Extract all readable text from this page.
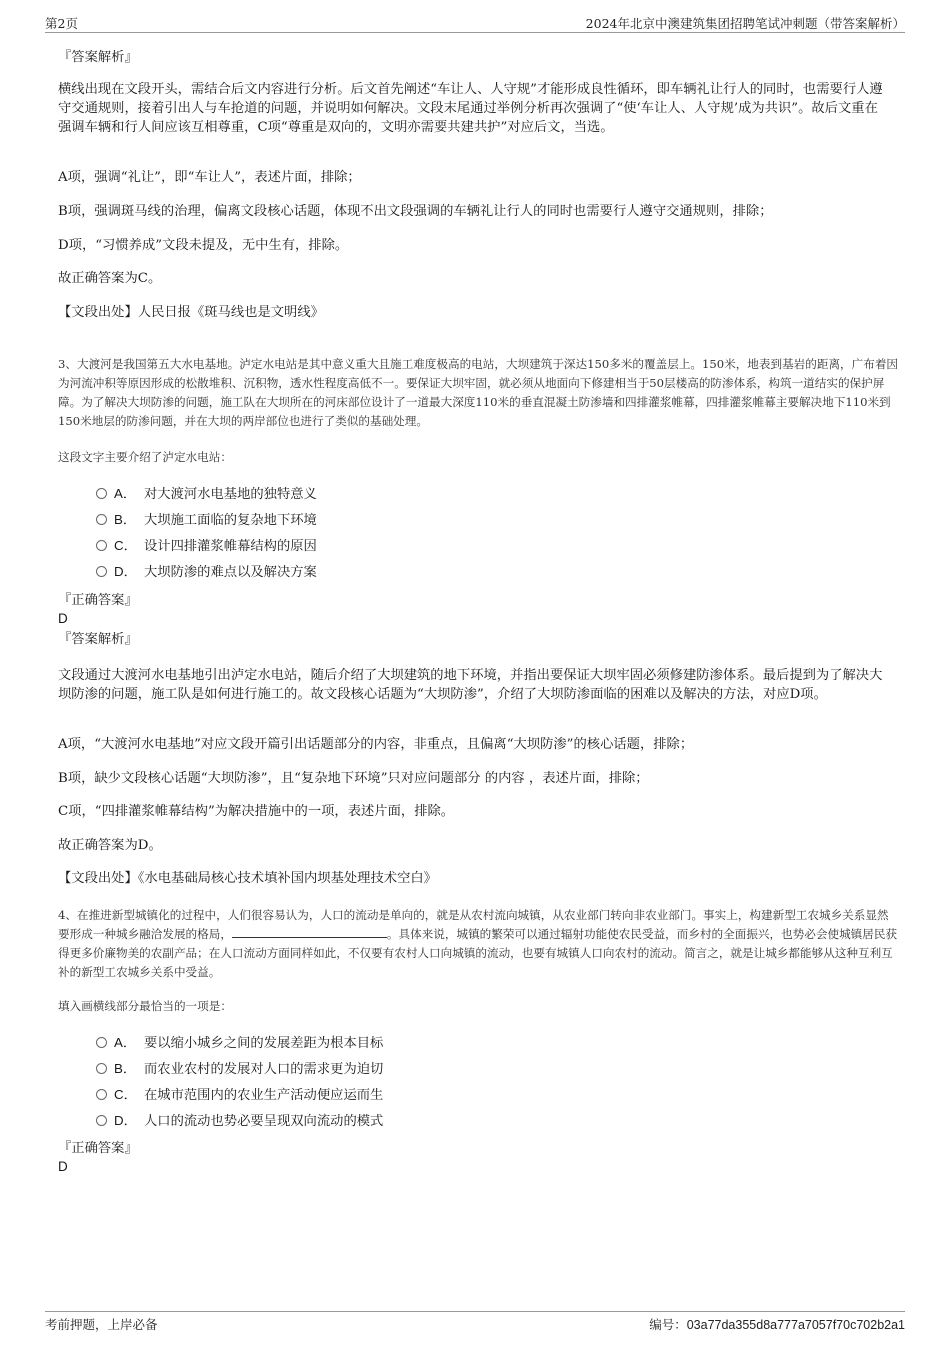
第2页	2024年北京中澳建筑集团招聘笔试冲刺题（带答案解析）
『答案解析』
横线出现在文段开头，需结合后文内容进行分析。后文首先阐述“车让人、人守规”才能形成良性循环，即车辆礼让行人的同时，也需要行人遵守交通规则，接着引出人与车抢道的问题，并说明如何解决。文段末尾通过举例分析再次强调了“使‘车让人、人守规’成为共识”。故后文重在强调车辆和行人间应该互相尊重，C项“尊重是双向的，文明亦需要共建共护”对应后文，当选。
A项，强调“礼让”，即“车让人”，表述片面，排除；
B项，强调斑马线的治理，偏离文段核心话题，体现不出文段强调的车辆礼让行人的同时也需要行人遵守交通规则，排除；
D项，“习惯养成”文段未提及，无中生有，排除。
故正确答案为C。
【文段出处】人民日报《斑马线也是文明线》
3、大渡河是我国第五大水电基地。泸定水电站是其中意义重大且施工难度极高的电站，大坝建筑于深达150多米的覆盖层上。150米，地表到基岩的距离，广布着因为河流冲积等原因形成的松散堆积、沉积物，透水性程度高低不一。要保证大坝牢固，就必须从地面向下修建相当于50层楼高的防渗体系，构筑一道结实的保护屏障。为了解决大坝防渗的问题，施工队在大坝所在的河床部位设计了一道最大深度110米的垂直混凝土防渗墙和四排灌浆帷幕，四排灌浆帷幕主要解决地下110米到150米地层的防渗问题，并在大坝的两岸部位也进行了类似的基础处理。
这段文字主要介绍了泸定水电站：
A． 对大渡河水电基地的独特意义
B． 大坝施工面临的复杂地下环境
C． 设计四排灌浆帷幕结构的原因
D． 大坝防渗的难点以及解决方案
『正确答案』
D
『答案解析』
文段通过大渡河水电基地引出泸定水电站，随后介绍了大坝建筑的地下环境，并指出要保证大坝牢固必须修建防渗体系。最后提到为了解决大坝防渗的问题，施工队是如何进行施工的。故文段核心话题为“大坝防渗”，介绍了大坝防渗面临的困难以及解决的方法，对应D项。
A项，“大渡河水电基地”对应文段开篇引出话题部分的内容，非重点，且偏离“大坝防渗”的核心话题，排除；
B项，缺少文段核心话题“大坝防渗”，且“复杂地下环境”只对应问题部分 的内容 ，表述片面，排除；
C项，“四排灌浆帷幕结构”为解决措施中的一项，表述片面，排除。
故正确答案为D。
【文段出处】《水电基础局核心技术填补国内坝基处理技术空白》
4、在推进新型城镇化的过程中，人们很容易认为，人口的流动是单向的，就是从农村流向城镇，从农业部门转向非农业部门。事实上，构建新型工农城乡关系显然要形成一种城乡融洽发展的格局，	。具体来说，城镇的繁荣可以通过辐射功能使农民受益，而乡村的全面振兴，也势必会使城镇居民获得更多价廉物美的农副产品；在人口流动方面同样如此，不仅要有农村人口向城镇的流动，也要有城镇人口向农村的流动。简言之，就是让城乡都能够从这种互利互补的新型工农城乡关系中受益。
填入画横线部分最恰当的一项是：
A． 要以缩小城乡之间的发展差距为根本目标
B． 而农业农村的发展对人口的需求更为迫切
C． 在城市范围内的农业生产活动便应运而生
D． 人口的流动也势必要呈现双向流动的模式
『正确答案』
D
考前押题，上岸必备	编号：03a77da355d8a777a7057f70c702b2a1
